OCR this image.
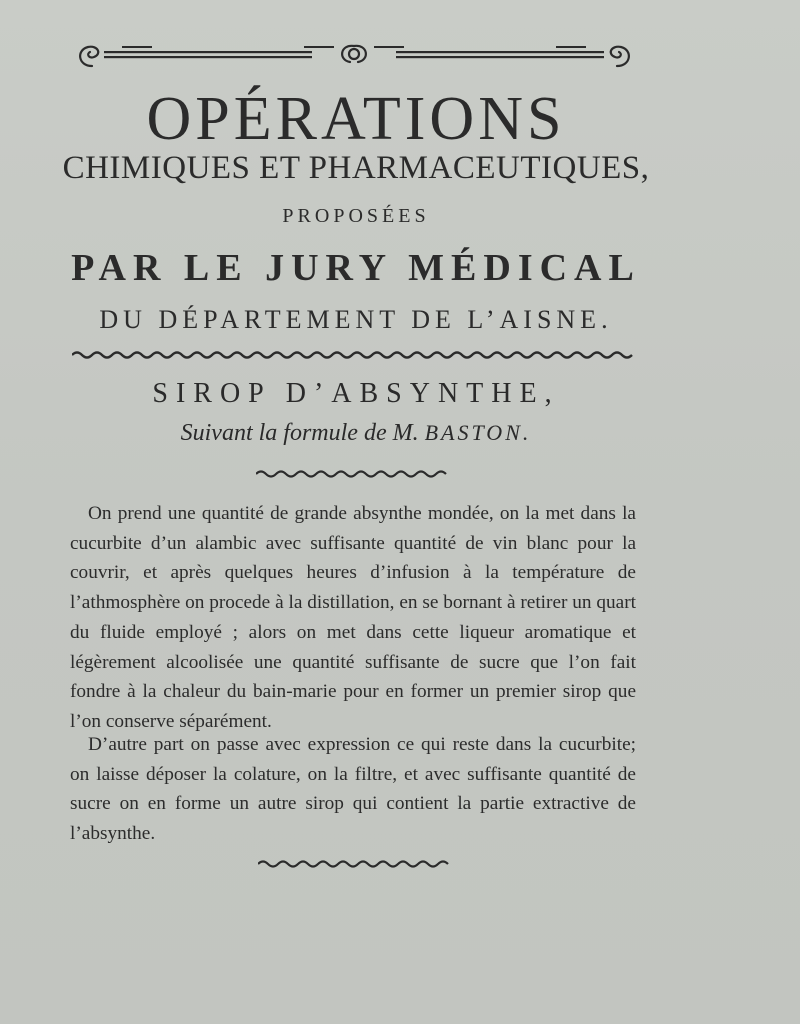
OPÉRATIONS
CHIMIQUES ET PHARMACEUTIQUES,
PROPOSÉES
PAR LE JURY MÉDICAL
DU DÉPARTEMENT DE L’AISNE.
SIROP D’ABSYNTHE,
Suivant la formule de M. BASTON.

On prend une quantité de grande absynthe mondée, on la met dans la cucurbite d’un alambic avec suffisante quantité de vin blanc pour la couvrir, et après quelques heures d’infusion à la température de l’athmosphère on procede à la distillation, en se bornant à retirer un quart du fluide employé ; alors on met dans cette liqueur aromatique et légèrement alcoolisée une quantité suffisante de sucre que l’on fait fondre à la chaleur du bain-marie pour en former un premier sirop que l’on conserve séparément.

D’autre part on passe avec expression ce qui reste dans la cucurbite; on laisse déposer la colature, on la filtre, et avec suffisante quantité de sucre on en forme un autre sirop qui contient la partie extractive de l’absynthe.
